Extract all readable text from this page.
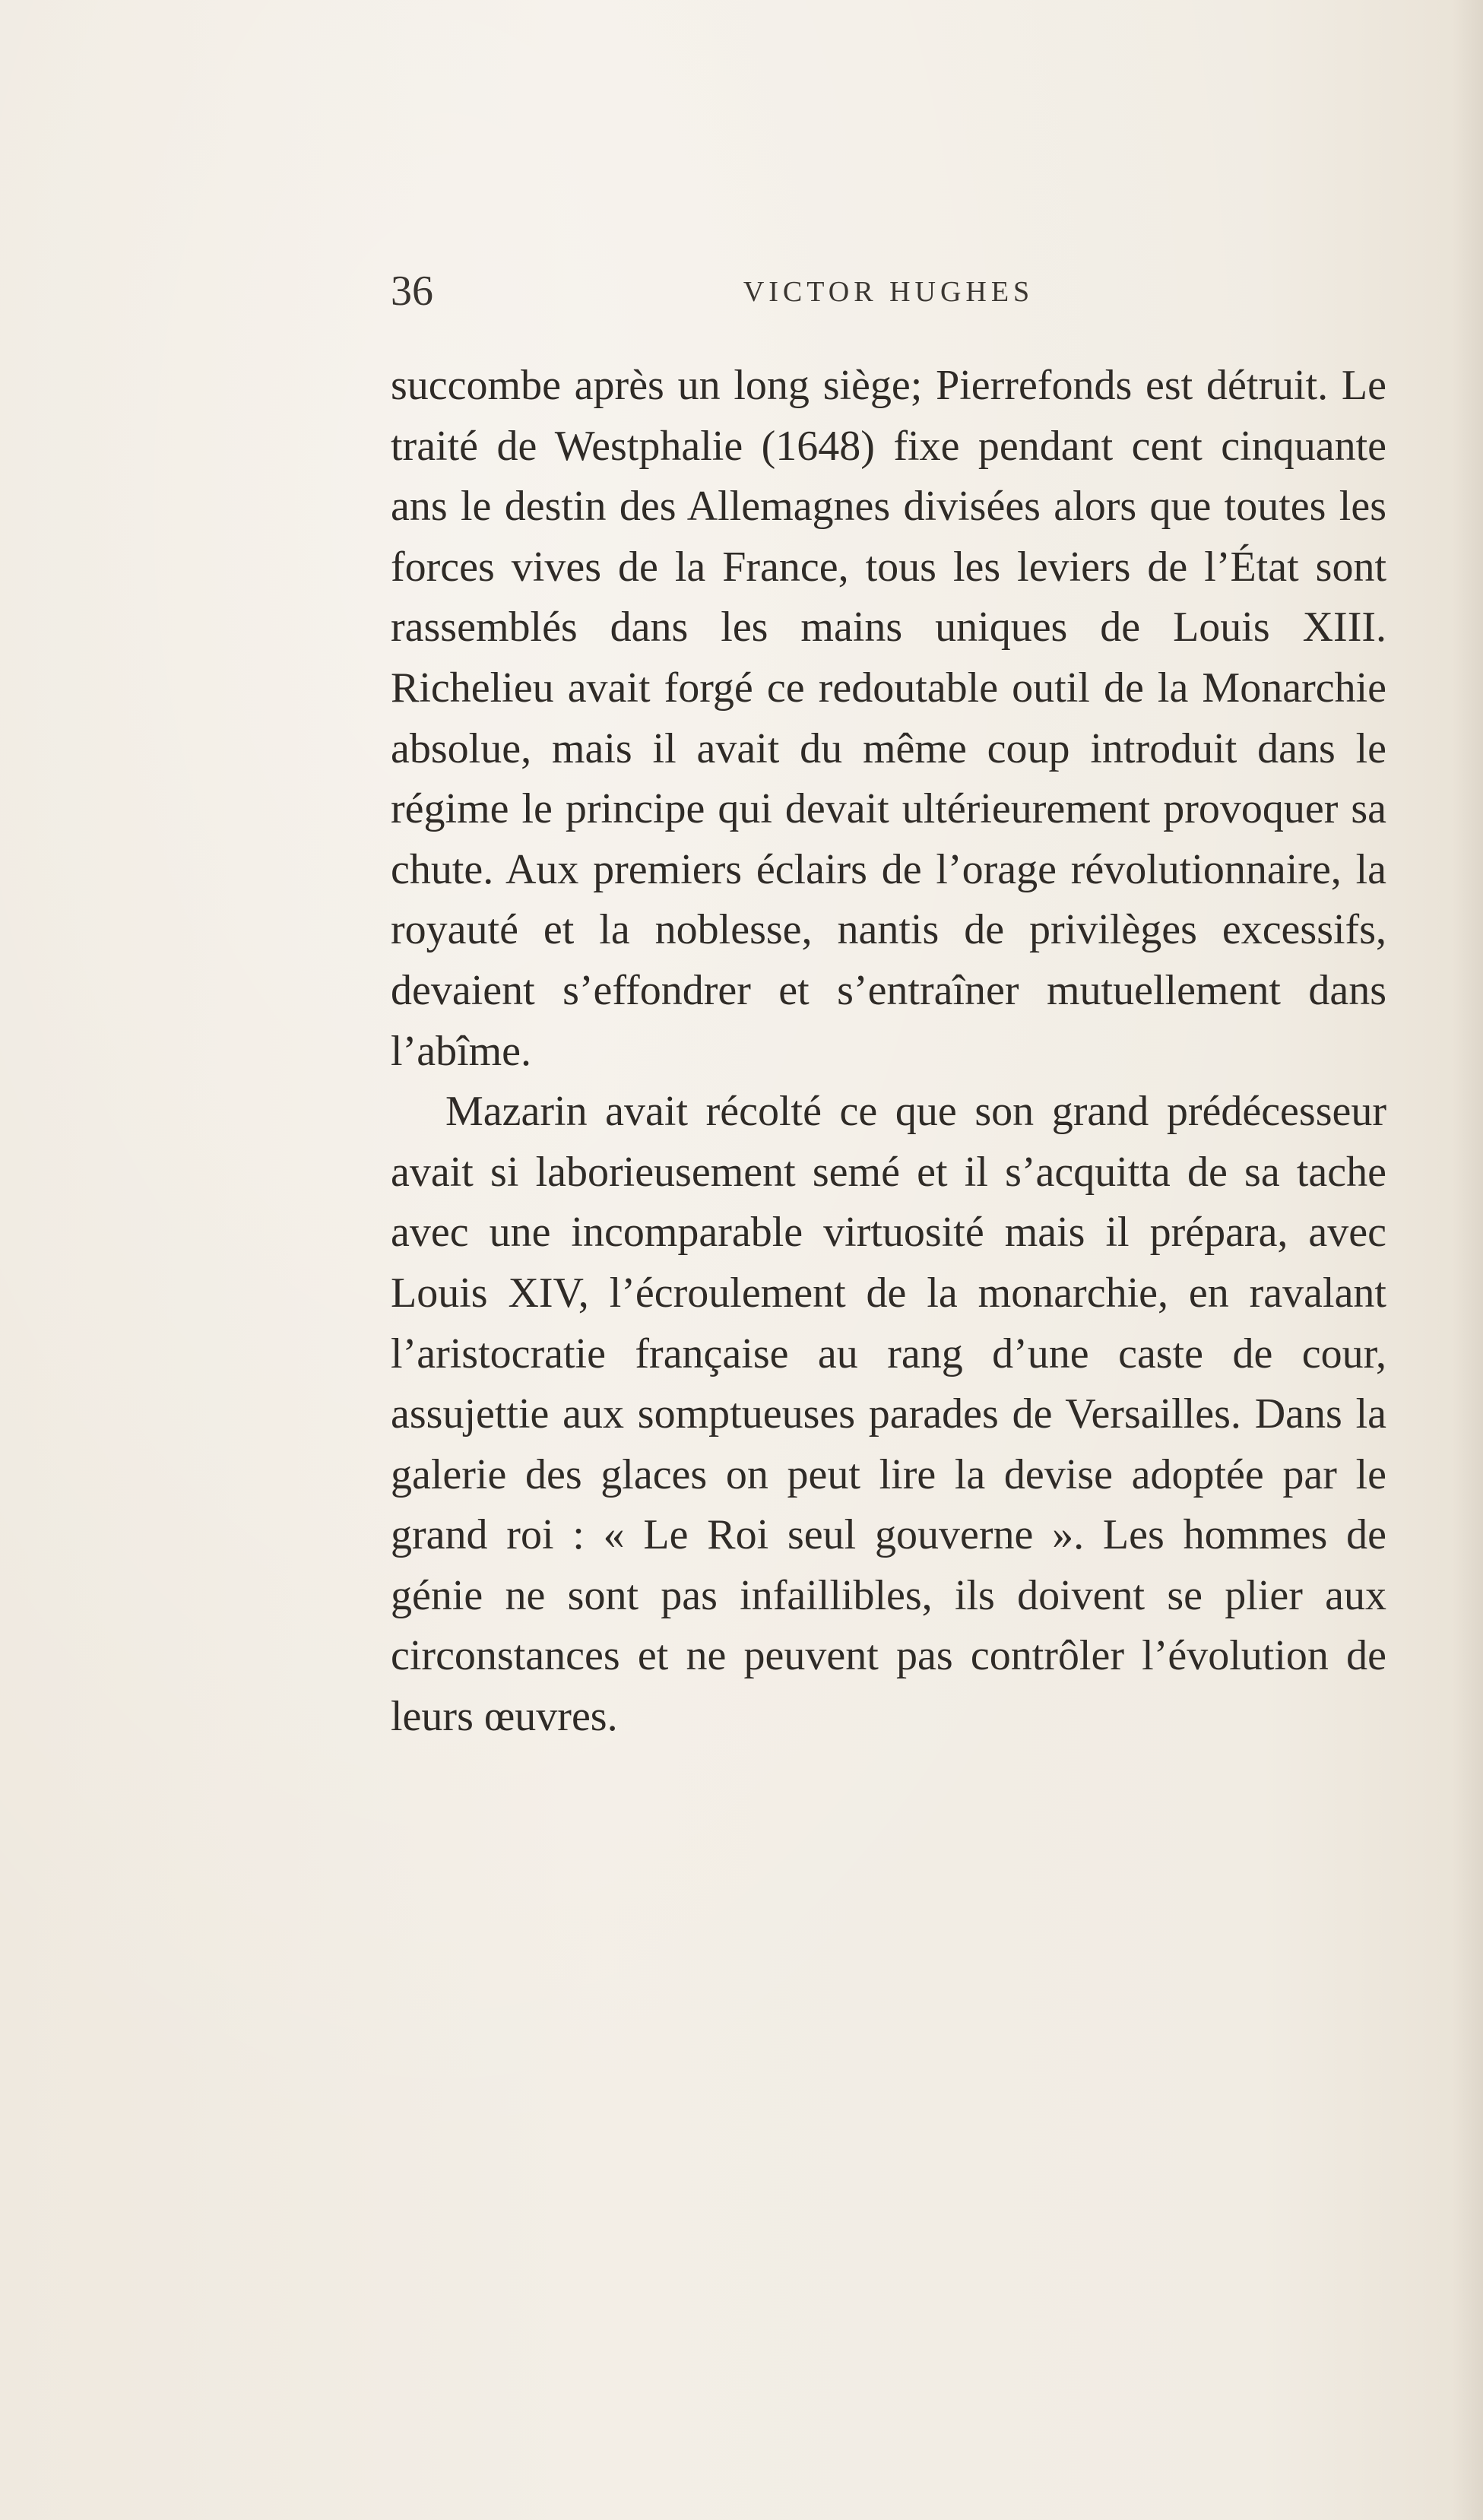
36	VICTOR HUGHES

succombe après un long siège; Pierrefonds est détruit. Le traité de Westphalie (1648) fixe pendant cent cinquante ans le destin des Allemagnes divisées alors que toutes les forces vives de la France, tous les leviers de l’État sont rassemblés dans les mains uniques de Louis XIII. Richelieu avait forgé ce redoutable outil de la Monarchie absolue, mais il avait du même coup introduit dans le régime le principe qui devait ultérieurement provoquer sa chute. Aux premiers éclairs de l’orage révolutionnaire, la royauté et la noblesse, nantis de privilèges excessifs, devaient s’effondrer et s’entraîner mutuellement dans l’abîme.

Mazarin avait récolté ce que son grand prédécesseur avait si laborieusement semé et il s’acquitta de sa tache avec une incomparable virtuosité mais il prépara, avec Louis XIV, l’écroulement de la monarchie, en ravalant l’aristocratie française au rang d’une caste de cour, assujettie aux somptueuses parades de Versailles. Dans la galerie des glaces on peut lire la devise adoptée par le grand roi : « Le Roi seul gouverne ». Les hommes de génie ne sont pas infaillibles, ils doivent se plier aux circonstances et ne peuvent pas contrôler l’évolution de leurs œuvres.
